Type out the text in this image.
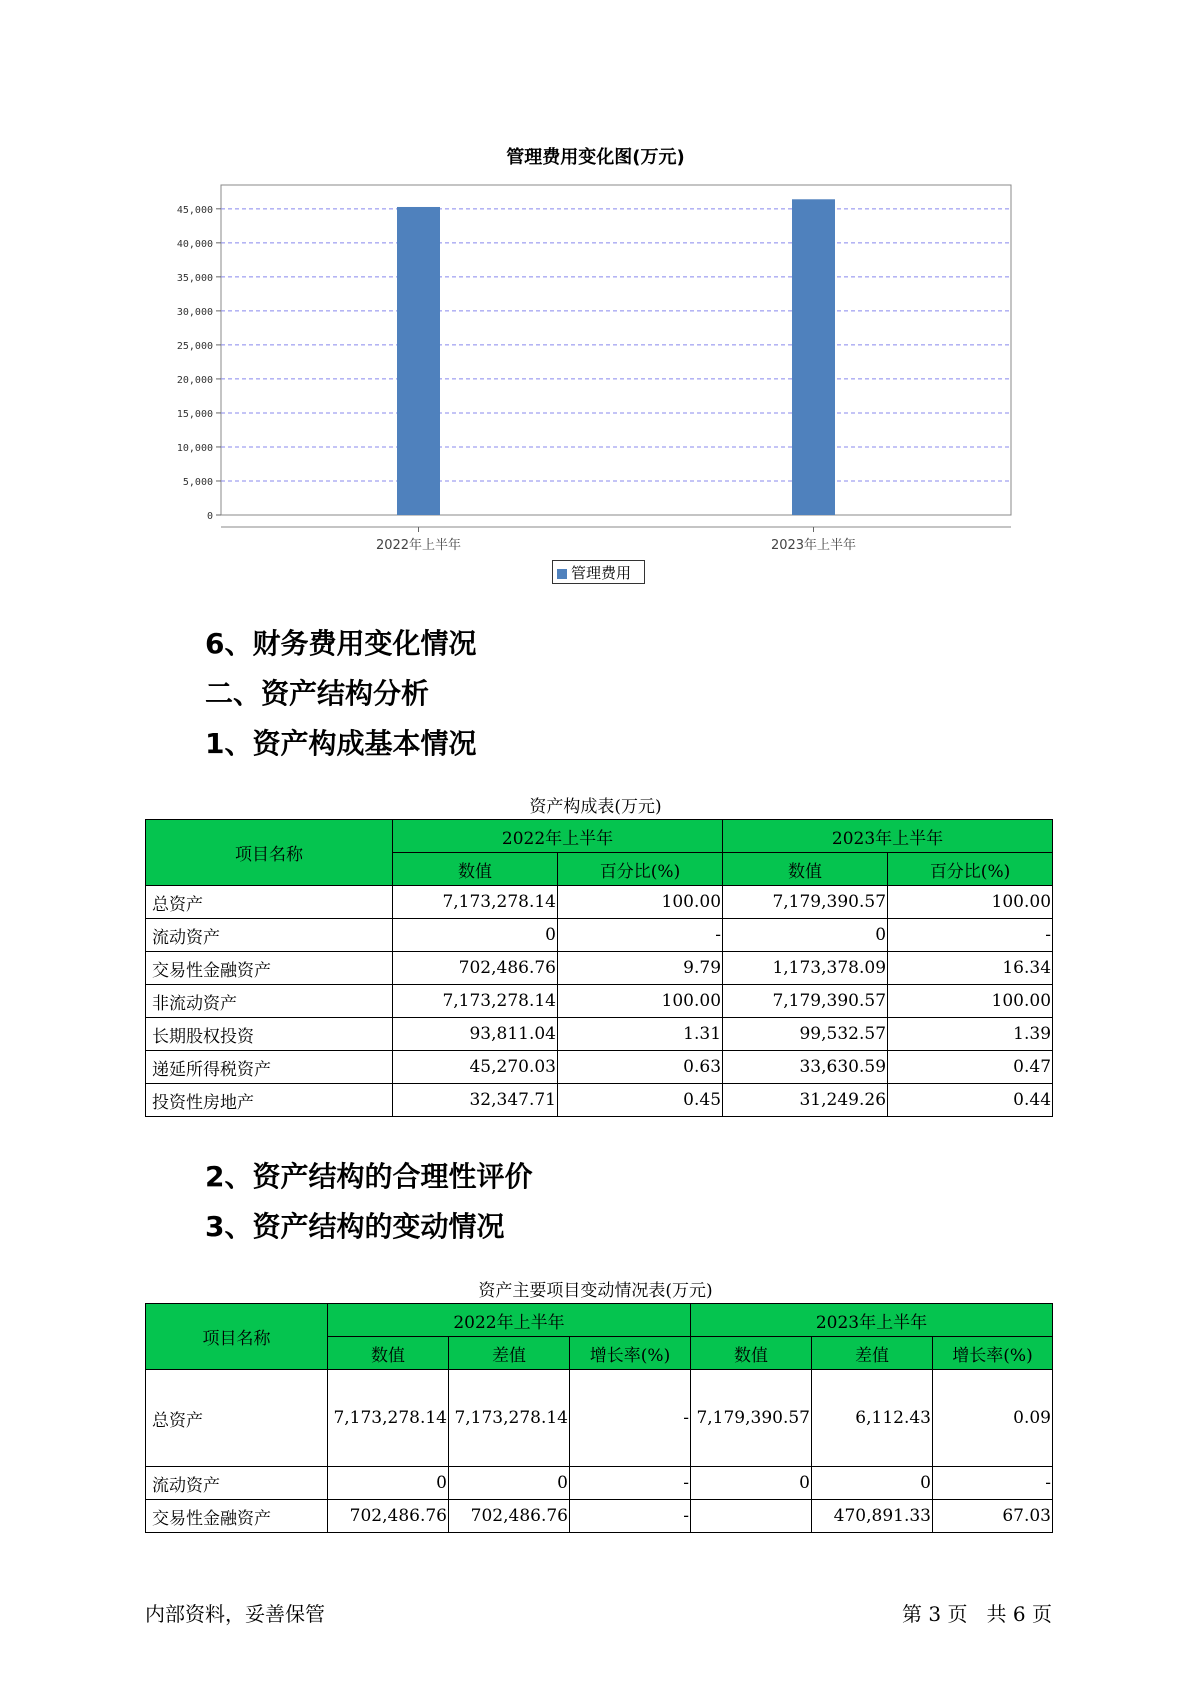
管理费用变化图(万元)
0
5,000
10,000
15,000
20,000
25,000
30,000
35,000
40,000
45,000
2022年上半年	2023年上半年
管理费用
6、财务费用变化情况
二、资产结构分析
1、资产构成基本情况
资产构成表(万元)
项目名称	2022年上半年		2023年上半年	
	数值	百分比(%)	数值	百分比(%)
总资产	7,173,278.14	100.00	7,179,390.57	100.00
流动资产	0	-	0	-
交易性金融资产	702,486.76	9.79	1,173,378.09	16.34
非流动资产	7,173,278.14	100.00	7,179,390.57	100.00
长期股权投资	93,811.04	1.31	99,532.57	1.39
递延所得税资产	45,270.03	0.63	33,630.59	0.47
投资性房地产	32,347.71	0.45	31,249.26	0.44
2、资产结构的合理性评价
3、资产结构的变动情况
资产主要项目变动情况表(万元)
项目名称	2022年上半年			2023年上半年		
	数值	差值	增长率(%)	数值	差值	增长率(%)
总资产	7,173,278.14	7,173,278.14	-	7,179,390.57	6,112.43	0.09
流动资产	0	0	-	0	0	-
交易性金融资产	702,486.76	702,486.76	-		470,891.33	67.03
内部资料，妥善保管	第 3 页   共 6 页
